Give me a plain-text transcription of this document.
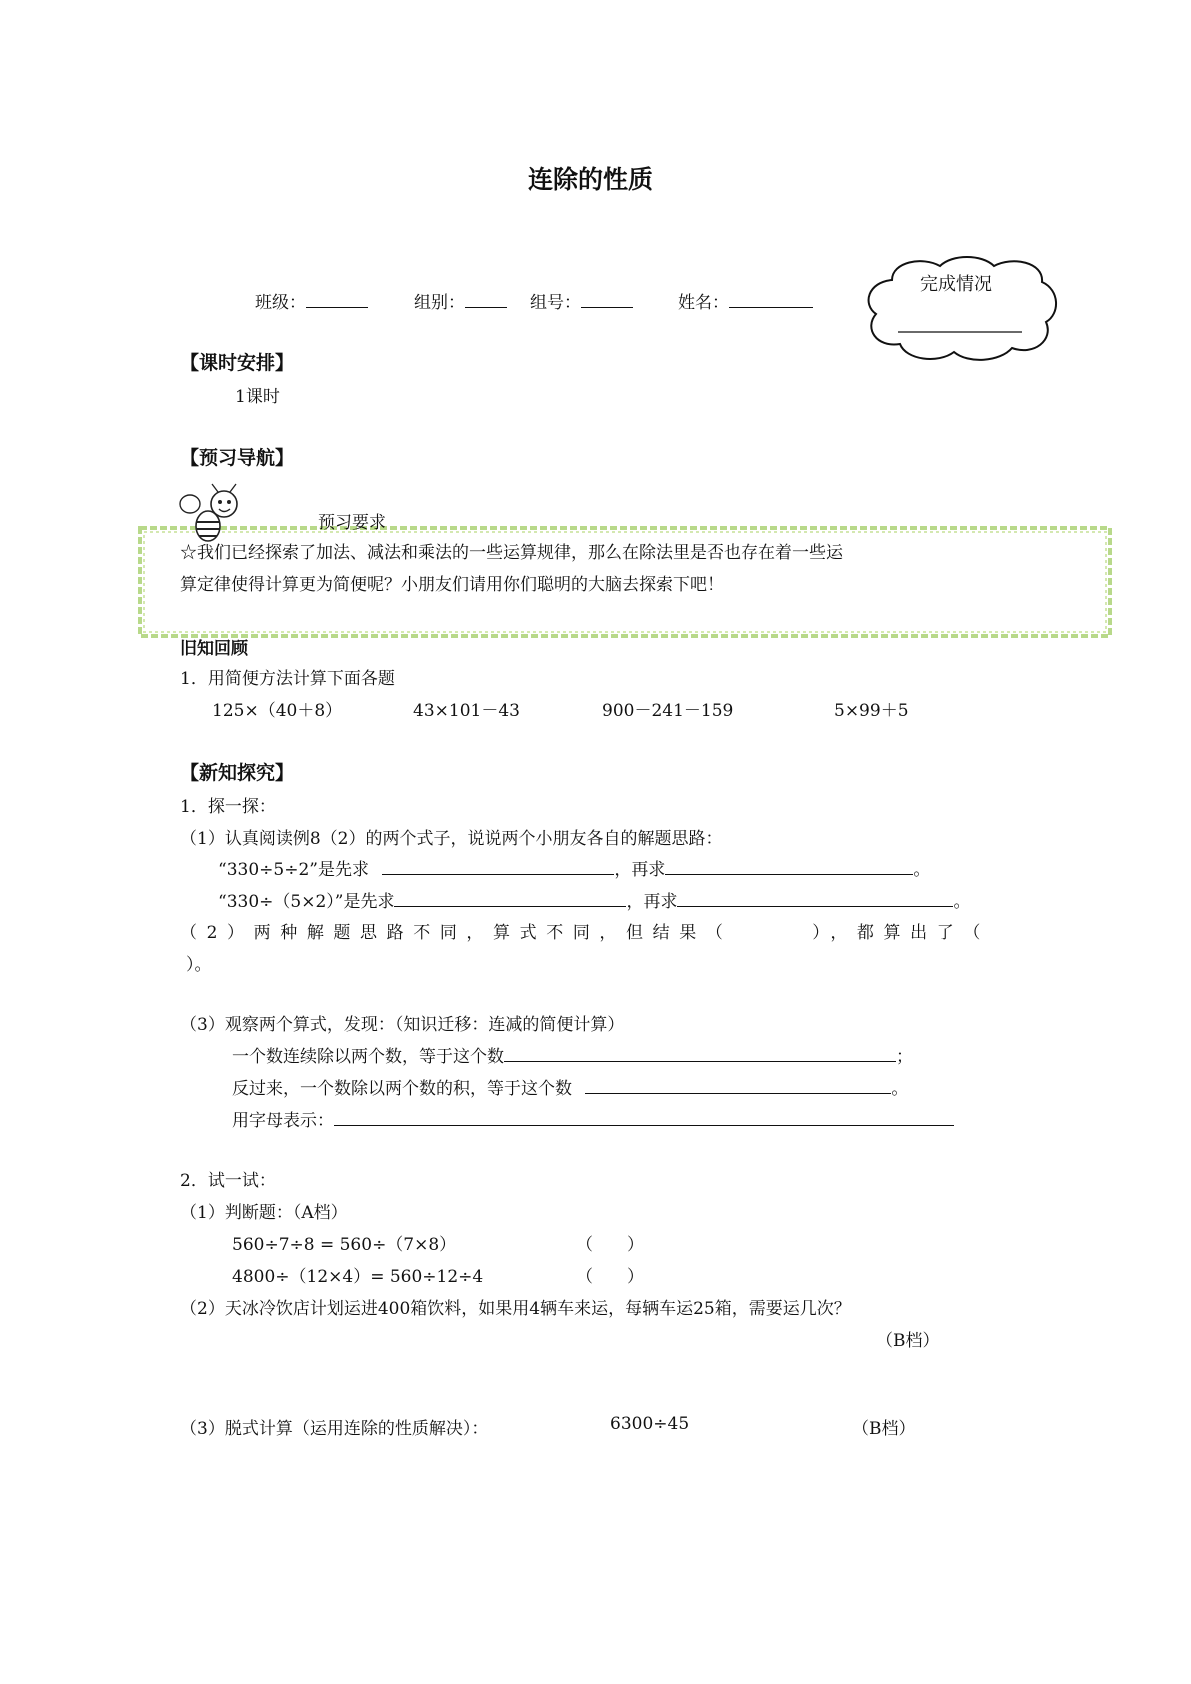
连除的性质
班级：	组别：	组号：	姓名：
完成情况
【课时安排】
1课时
【预习导航】
预习要求
☆我们已经探索了加法、减法和乘法的一些运算规律，那么在除法里是否也存在着一些运
算定律使得计算更为简便呢？小朋友们请用你们聪明的大脑去探索下吧！
旧知回顾
1．用简便方法计算下面各题
125×（40＋8）	43×101－43	900－241－159	5×99＋5
【新知探究】
1．探一探：
（1）认真阅读例8（2）的两个式子，说说两个小朋友各自的解题思路：
“330÷5÷2”是先求	，再求	。
“330÷（5×2）”是先求	，再求	。
（2）两种解题思路不同，算式不同，但结果（　　　），都算出了（
）。
（3）观察两个算式，发现：（知识迁移：连减的简便计算）
一个数连续除以两个数，等于这个数	；
反过来，一个数除以两个数的积，等于这个数	。
用字母表示：
2．试一试：
（1）判断题：（A档）
560÷7÷8 = 560÷（7×8）	（　　）
4800÷（12×4）= 560÷12÷4	（　　）
（2）天冰冷饮店计划运进400箱饮料，如果用4辆车来运，每辆车运25箱，需要运几次？
（B档）
（3）脱式计算（运用连除的性质解决）：	6300÷45	（B档）
